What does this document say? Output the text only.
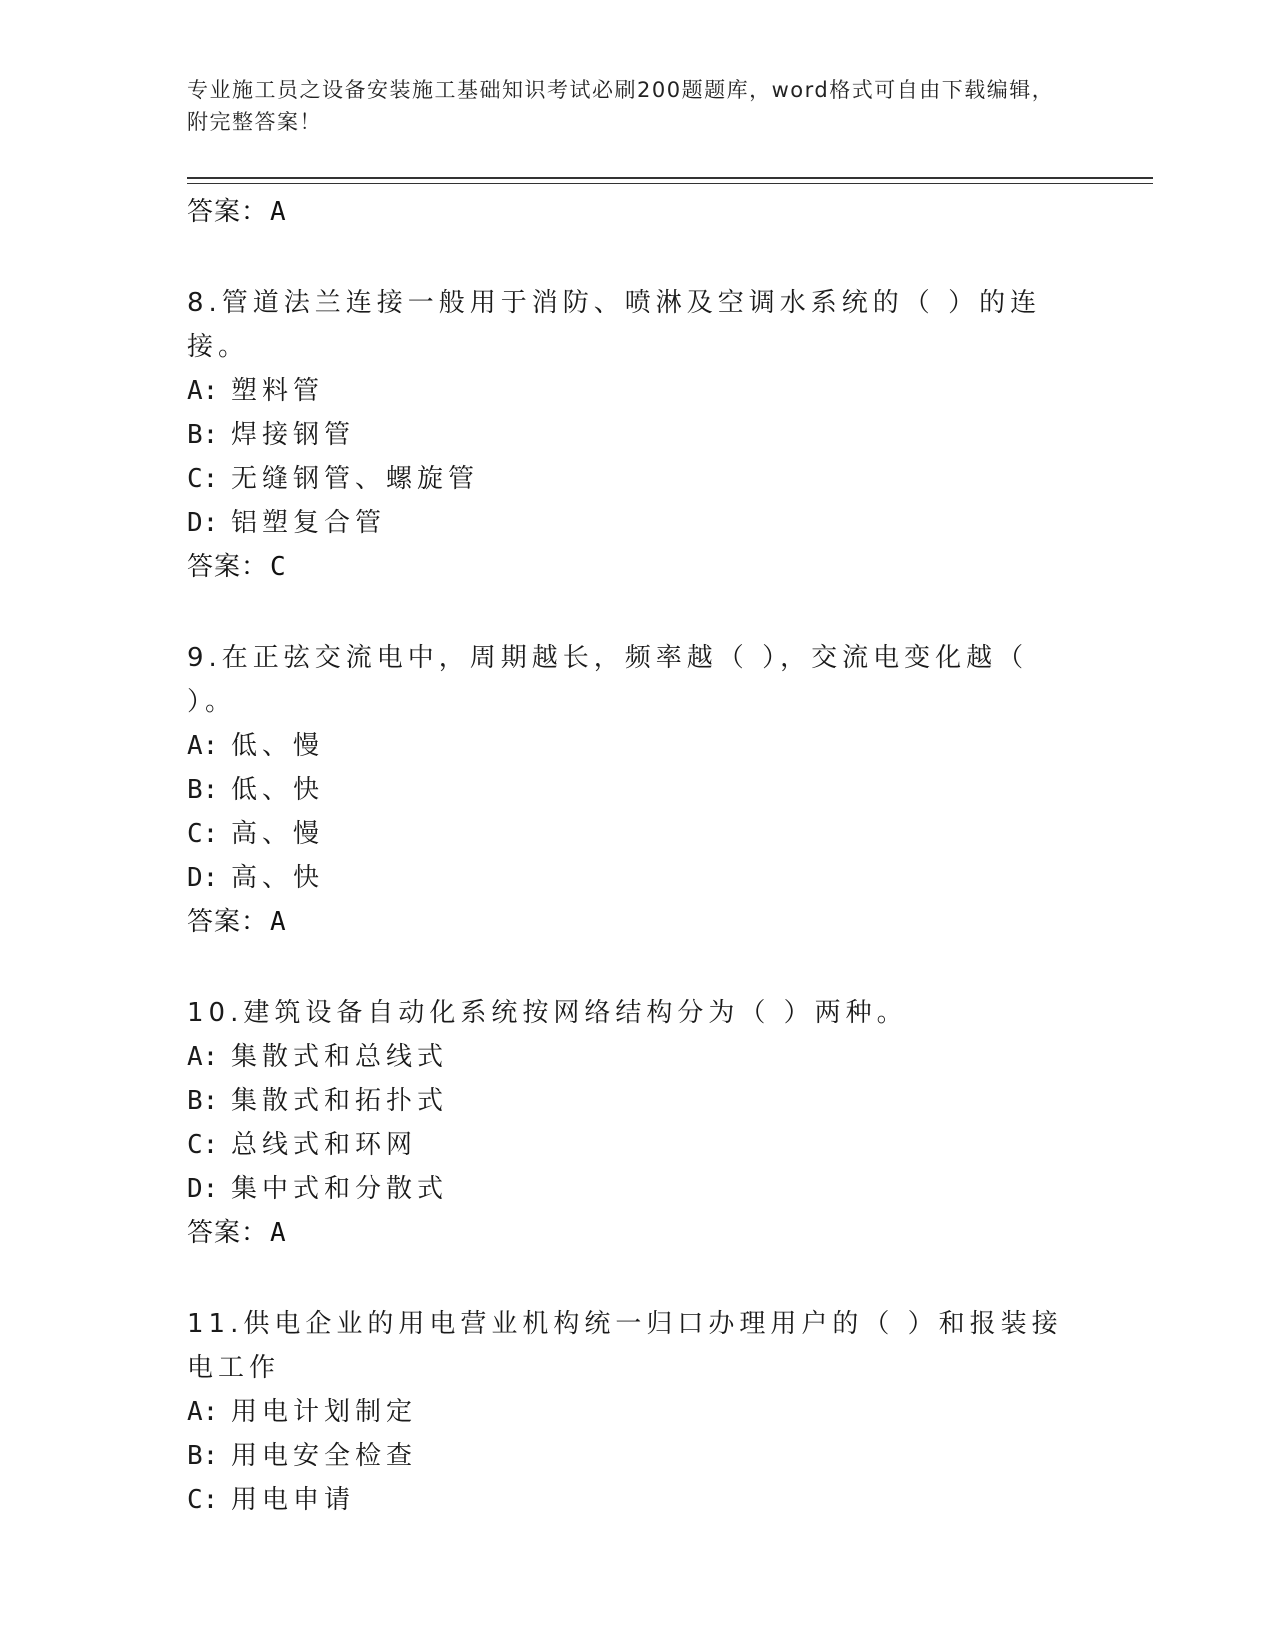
专业施工员之设备安装施工基础知识考试必刷200题题库，word格式可自由下载编辑，附完整答案！
答案：A
8.管道法兰连接一般用于消防、喷淋及空调水系统的（ ）的连接。
A: 塑料管
B: 焊接钢管
C: 无缝钢管、螺旋管
D: 铝塑复合管
答案：C
9.在正弦交流电中，周期越长，频率越（ ），交流电变化越（ ）。
A: 低、慢
B: 低、快
C: 高、慢
D: 高、快
答案：A
10.建筑设备自动化系统按网络结构分为（ ）两种。
A: 集散式和总线式
B: 集散式和拓扑式
C: 总线式和环网
D: 集中式和分散式
答案：A
11.供电企业的用电营业机构统一归口办理用户的（ ）和报装接电工作
A: 用电计划制定
B: 用电安全检查
C: 用电申请
